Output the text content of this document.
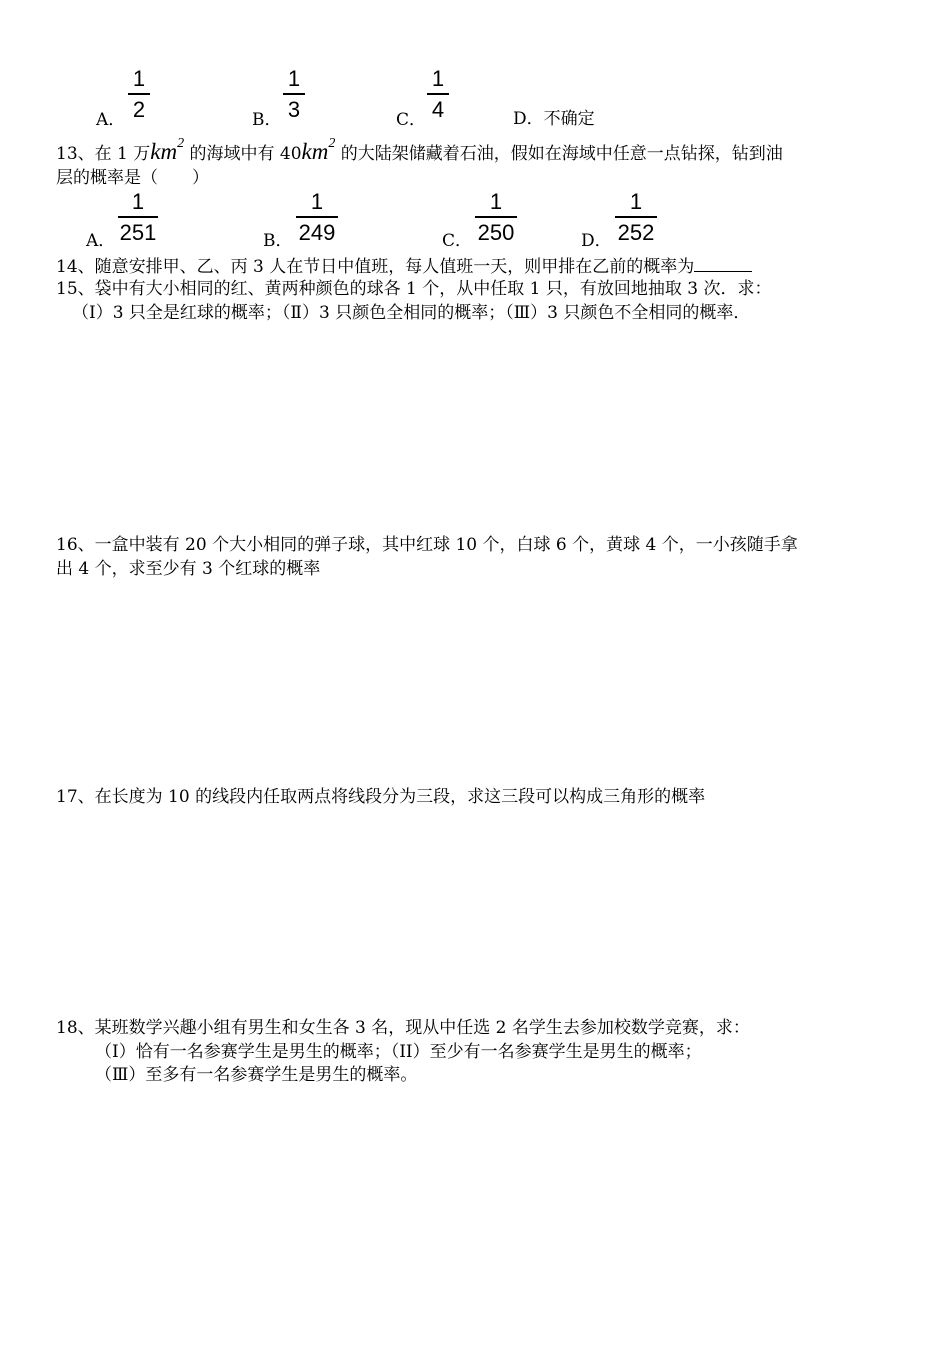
A．
1
2	B．
1
3	C．
1
4	D．不确定
13、在 1 万$km^2$ 的海域中有 $40km^2$ 的大陆架储藏着石油，假如在海域中任意一点钻探，钻到油
层的概率是（　　）
A．
1
251	B．
1
249	C．
1
250	D．
1
252
14、随意安排甲、乙、丙 3 人在节日中值班，每人值班一天，则甲排在乙前的概率为
15、袋中有大小相同的红、黄两种颜色的球各 1 个，从中任取 1 只，有放回地抽取 3 次．求：
（Ⅰ）3 只全是红球的概率；（Ⅱ）3 只颜色全相同的概率；（Ⅲ）3 只颜色不全相同的概率．
16、一盒中装有 20 个大小相同的弹子球，其中红球 10 个，白球 6 个，黄球 4 个，一小孩随手拿
出 4 个，求至少有 3 个红球的概率
17、在长度为 10 的线段内任取两点将线段分为三段，求这三段可以构成三角形的概率
18、某班数学兴趣小组有男生和女生各 3 名，现从中任选 2 名学生去参加校数学竞赛，求：
（I）恰有一名参赛学生是男生的概率；（II）至少有一名参赛学生是男生的概率；
（Ⅲ）至多有一名参赛学生是男生的概率。
